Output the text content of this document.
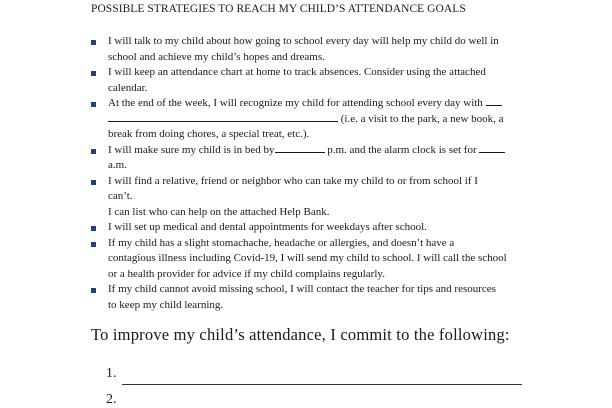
POSSIBLE STRATEGIES TO REACH MY CHILD’S ATTENDANCE GOALS
I will talk to my child about how going to school every day will help my child do well in
school and achieve my child’s hopes and dreams.
I will keep an attendance chart at home to track absences. Consider using the attached
calendar.
At the end of the week, I will recognize my child for attending school every day with
(i.e. a visit to the park, a new book, a
break from doing chores, a special treat, etc.).
I will make sure my child is in bed by	p.m. and the alarm clock is set for
a.m.
I will find a relative, friend or neighbor who can take my child to or from school if I
can’t.
I can list who can help on the attached Help Bank.
I will set up medical and dental appointments for weekdays after school.
If my child has a slight stomachache, headache or allergies, and doesn’t have a
contagious illness including Covid-19, I will send my child to school. I will call the school
or a health provider for advice if my child complains regularly.
If my child cannot avoid missing school, I will contact the teacher for tips and resources
to keep my child learning.
To improve my child’s attendance, I commit to the following:
1.
2.
